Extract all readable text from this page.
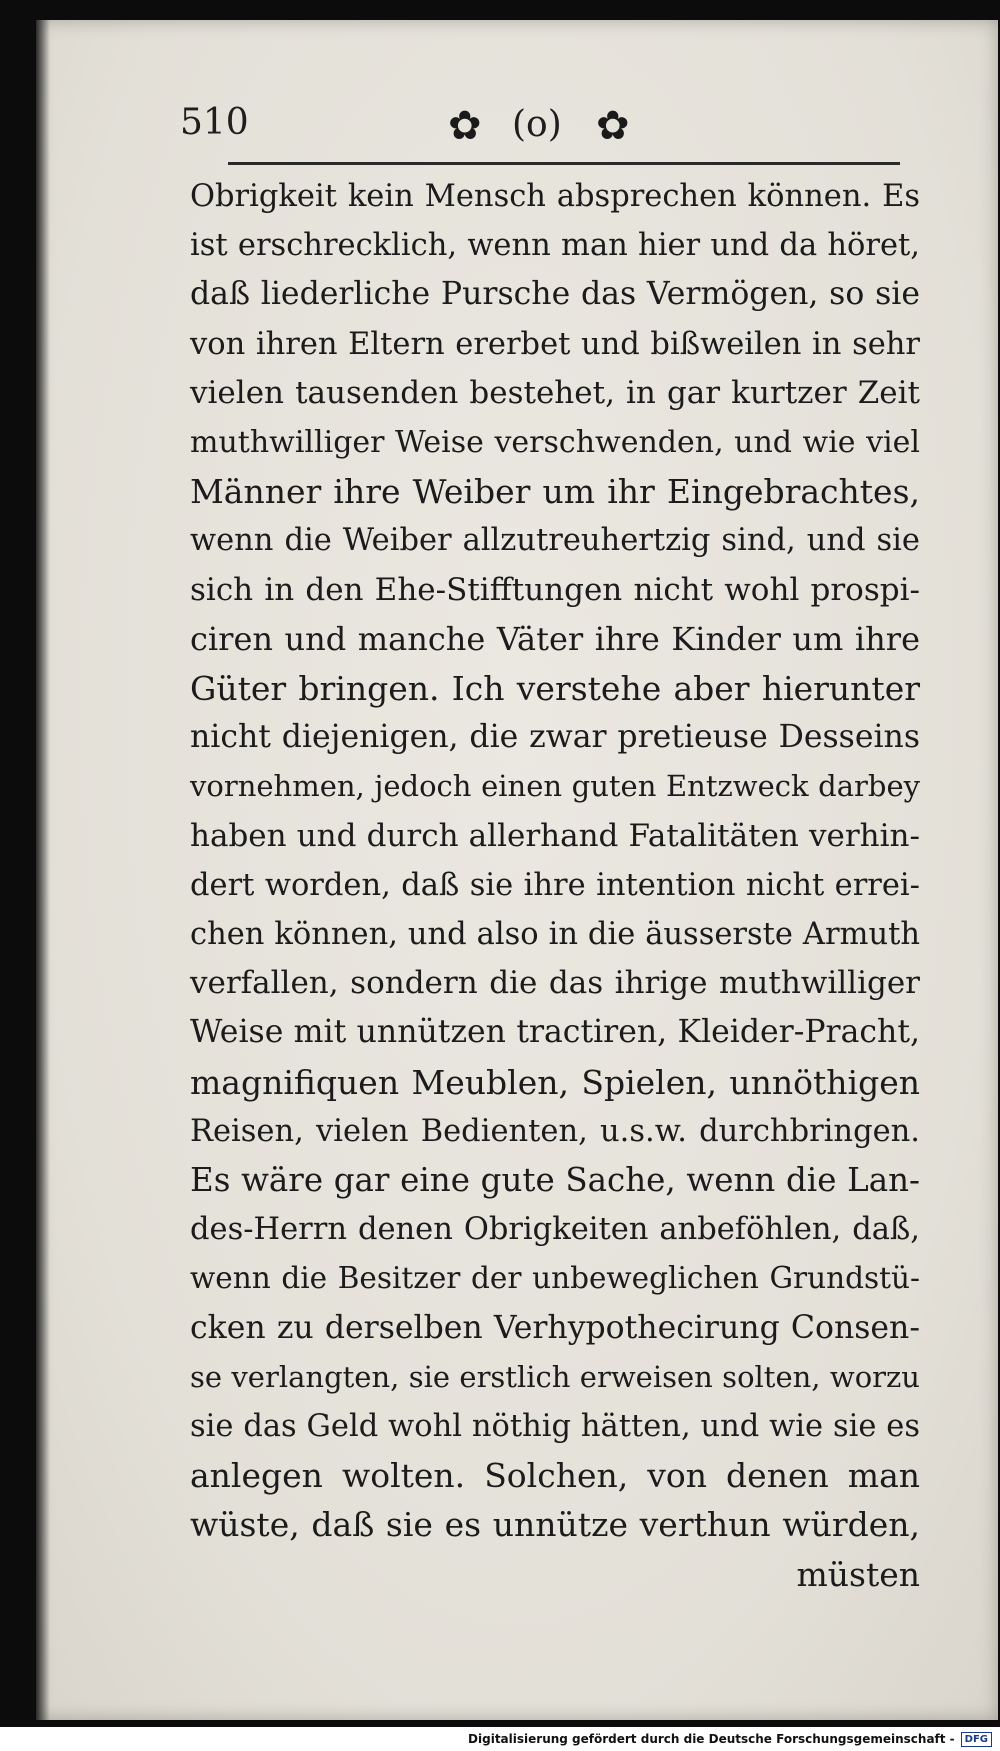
510	✿ (o) ✿
Obrigkeit kein Mensch absprechen können. Es
ist erschrecklich, wenn man hier und da höret,
daß liederliche Pursche das Vermögen, so sie
von ihren Eltern ererbet und bißweilen in sehr
vielen tausenden bestehet, in gar kurtzer Zeit
muthwilliger Weise verschwenden, und wie viel
Männer ihre Weiber um ihr Eingebrachtes,
wenn die Weiber allzutreuhertzig sind, und sie
sich in den Ehe-Stifftungen nicht wohl prospi-
ciren und manche Väter ihre Kinder um ihre
Güter bringen. Ich verstehe aber hierunter
nicht diejenigen, die zwar pretieuse Desseins
vornehmen, jedoch einen guten Entzweck darbey
haben und durch allerhand Fatalitäten verhin-
dert worden, daß sie ihre intention nicht errei-
chen können, und also in die äusserste Armuth
verfallen, sondern die das ihrige muthwilliger
Weise mit unnützen tractiren, Kleider-Pracht,
magnifiquen Meublen, Spielen, unnöthigen
Reisen, vielen Bedienten, u.s.w. durchbringen.
Es wäre gar eine gute Sache, wenn die Lan-
des-Herrn denen Obrigkeiten anbeföhlen, daß,
wenn die Besitzer der unbeweglichen Grundstü-
cken zu derselben Verhypothecirung Consen-
se verlangten, sie erstlich erweisen solten, worzu
sie das Geld wohl nöthig hätten, und wie sie es
anlegen wolten. Solchen, von denen man
wüste, daß sie es unnütze verthun würden,
müsten
Digitalisierung gefördert durch die Deutsche Forschungsgemeinschaft -	DFG
